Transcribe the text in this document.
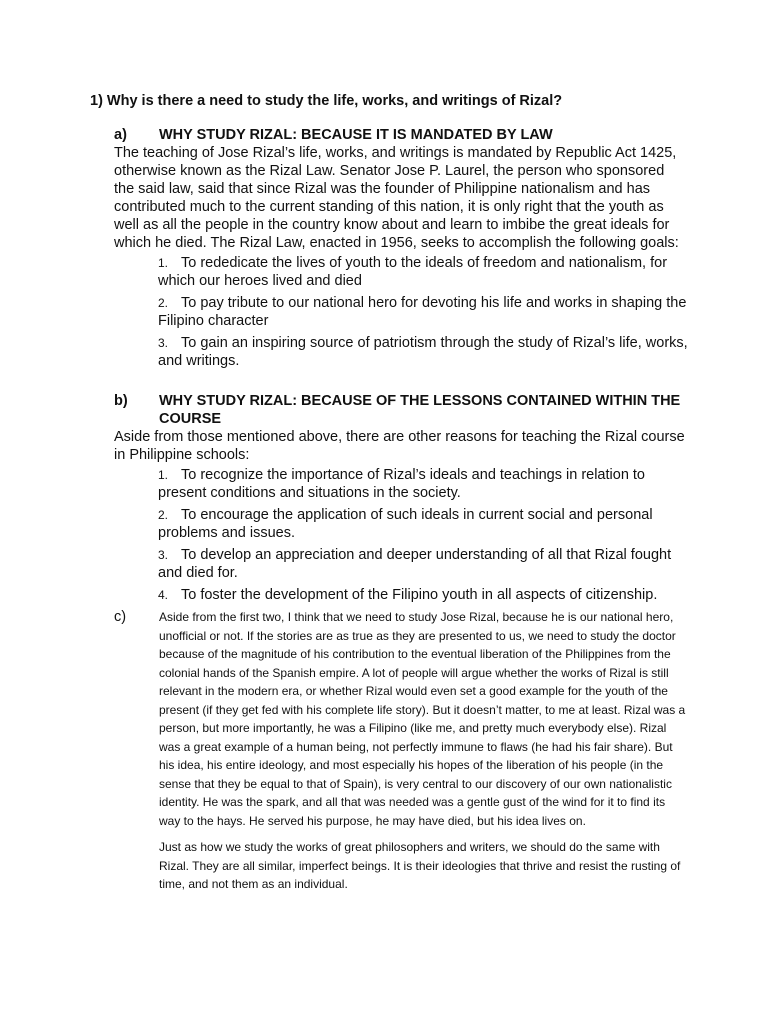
1) Why is there a need to study the life, works, and writings of Rizal?
a)	WHY STUDY RIZAL: BECAUSE IT IS MANDATED BY LAW

The teaching of Jose Rizal’s life, works, and writings is mandated by Republic Act 1425, otherwise known as the Rizal Law. Senator Jose P. Laurel, the person who sponsored the said law, said that since Rizal was the founder of Philippine nationalism and has contributed much to the current standing of this nation, it is only right that the youth as well as all the people in the country know about and learn to imbibe the great ideals for which he died. The Rizal Law, enacted in 1956, seeks to accomplish the following goals:

1. To rededicate the lives of youth to the ideals of freedom and nationalism, for which our heroes lived and died
2. To pay tribute to our national hero for devoting his life and works in shaping the Filipino character
3. To gain an inspiring source of patriotism through the study of Rizal’s life, works, and writings.
b)	WHY STUDY RIZAL: BECAUSE OF THE LESSONS CONTAINED WITHIN THE COURSE

Aside from those mentioned above, there are other reasons for teaching the Rizal course in Philippine schools:

1. To recognize the importance of Rizal’s ideals and teachings in relation to present conditions and situations in the society.
2. To encourage the application of such ideals in current social and personal problems and issues.
3. To develop an appreciation and deeper understanding of all that Rizal fought and died for.
4. To foster the development of the Filipino youth in all aspects of citizenship.
c)	Aside from the first two, I think that we need to study Jose Rizal, because he is our national hero, unofficial or not. If the stories are as true as they are presented to us, we need to study the doctor because of the magnitude of his contribution to the eventual liberation of the Philippines from the colonial hands of the Spanish empire. A lot of people will argue whether the works of Rizal is still relevant in the modern era, or whether Rizal would even set a good example for the youth of the present (if they get fed with his complete life story). But it doesn’t matter, to me at least. Rizal was a person, but more importantly, he was a Filipino (like me, and pretty much everybody else). Rizal was a great example of a human being, not perfectly immune to flaws (he had his fair share). But his idea, his entire ideology, and most especially his hopes of the liberation of his people (in the sense that they be equal to that of Spain), is very central to our discovery of our own nationalistic identity. He was the spark, and all that was needed was a gentle gust of the wind for it to find its way to the hays. He served his purpose, he may have died, but his idea lives on.

Just as how we study the works of great philosophers and writers, we should do the same with Rizal. They are all similar, imperfect beings. It is their ideologies that thrive and resist the rusting of time, and not them as an individual.
